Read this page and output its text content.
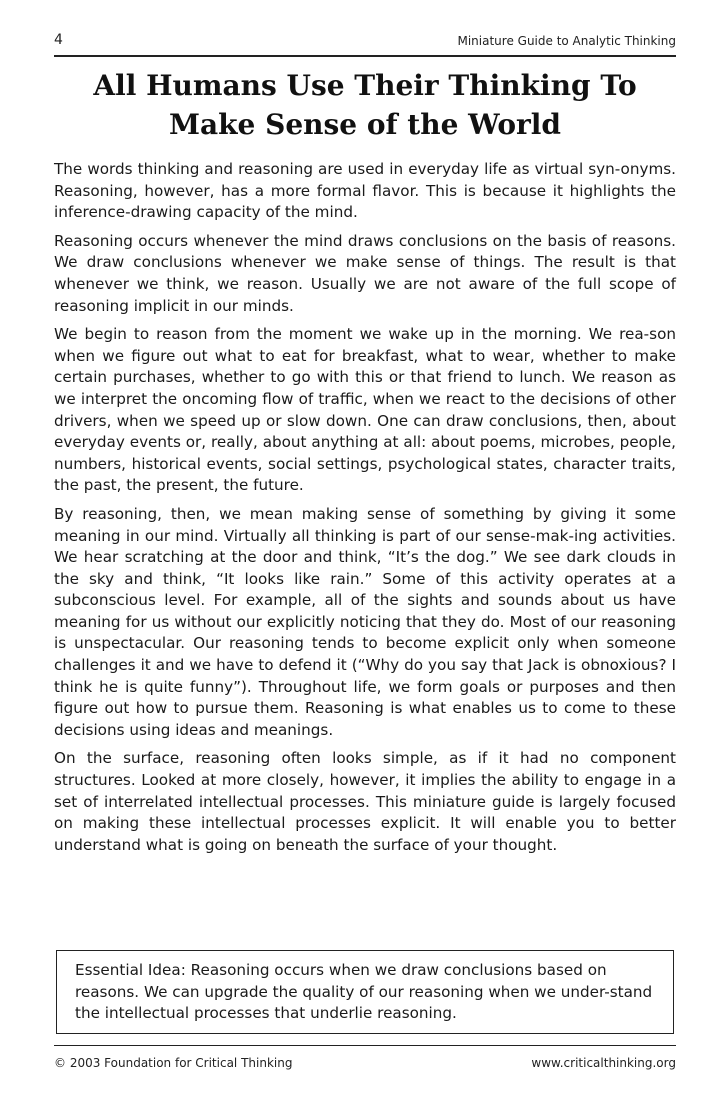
4	Miniature Guide to Analytic Thinking
All Humans Use Their Thinking To
Make Sense of the World

The words thinking and reasoning are used in everyday life as virtual syn-onyms. Reasoning, however, has a more formal flavor. This is because it highlights the inference-drawing capacity of the mind.

Reasoning occurs whenever the mind draws conclusions on the basis of reasons. We draw conclusions whenever we make sense of things. The result is that whenever we think, we reason. Usually we are not aware of the full scope of reasoning implicit in our minds.

We begin to reason from the moment we wake up in the morning. We rea-son when we figure out what to eat for breakfast, what to wear, whether to make certain purchases, whether to go with this or that friend to lunch. We reason as we interpret the oncoming flow of traffic, when we react to the decisions of other drivers, when we speed up or slow down. One can draw conclusions, then, about everyday events or, really, about anything at all: about poems, microbes, people, numbers, historical events, social settings, psychological states, character traits, the past, the present, the future.

By reasoning, then, we mean making sense of something by giving it some meaning in our mind. Virtually all thinking is part of our sense-mak-ing activities. We hear scratching at the door and think, “It’s the dog.” We see dark clouds in the sky and think, “It looks like rain.” Some of this activity operates at a subconscious level. For example, all of the sights and sounds about us have meaning for us without our explicitly noticing that they do. Most of our reasoning is unspectacular. Our reasoning tends to become explicit only when someone challenges it and we have to defend it (“Why do you say that Jack is obnoxious? I think he is quite funny”). Throughout life, we form goals or purposes and then figure out how to pursue them. Reasoning is what enables us to come to these decisions using ideas and meanings.

On the surface, reasoning often looks simple, as if it had no component structures. Looked at more closely, however, it implies the ability to engage in a set of interrelated intellectual processes. This miniature guide is largely focused on making these intellectual processes explicit. It will enable you to better understand what is going on beneath the surface of your thought.

Essential Idea: Reasoning occurs when we draw conclusions based on reasons. We can upgrade the quality of our reasoning when we under-stand the intellectual processes that underlie reasoning.
© 2003 Foundation for Critical Thinking	www.criticalthinking.org
